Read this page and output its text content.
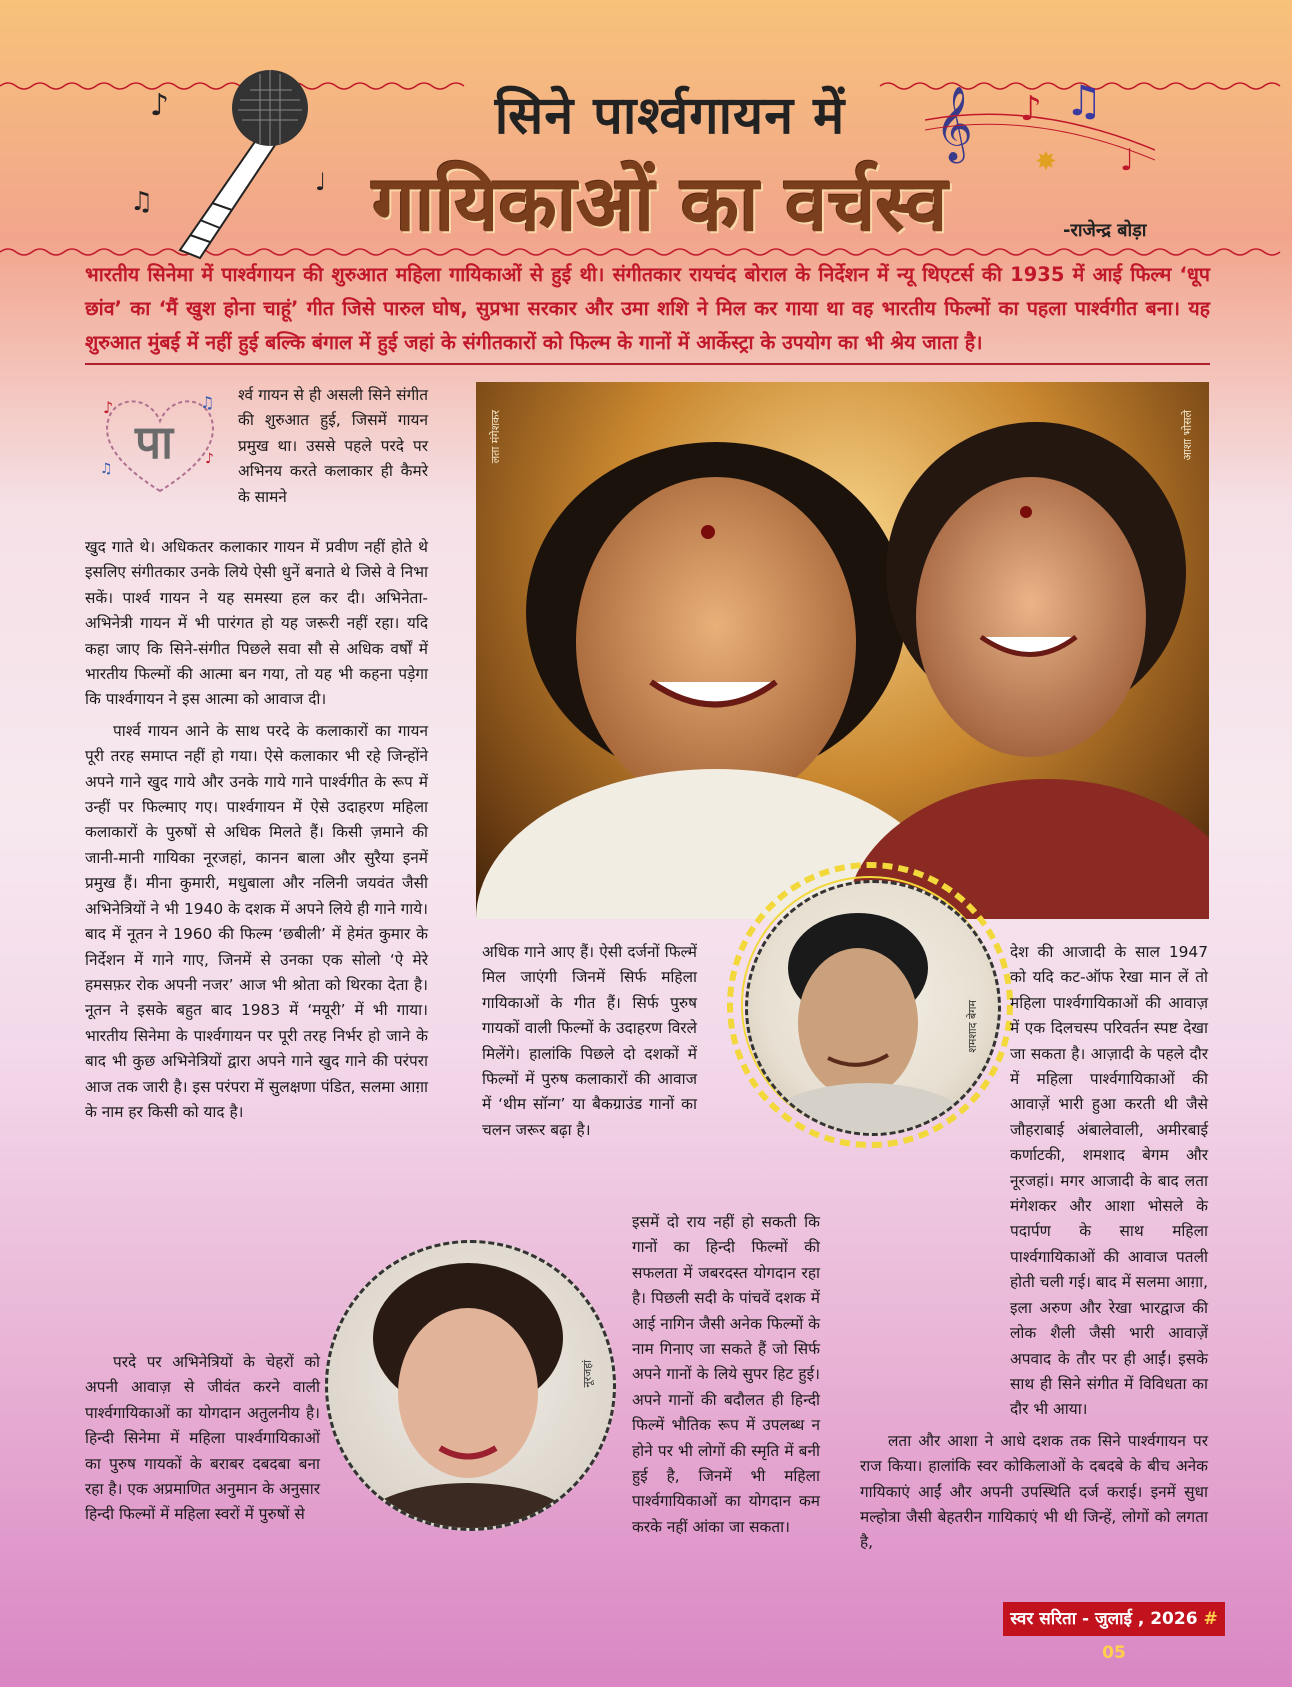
♪
♫
♩
𝄞 ♪ ♫
♩
✸
सिने पार्श्वगायन में
गायिकाओं का वर्चस्व	-राजेन्द्र बोड़ा
भारतीय सिनेमा में पार्श्वगायन की शुरुआत महिला गायिकाओं से हुई थी। संगीतकार रायचंद बोराल के निर्देशन में न्यू थिएटर्स की 1935 में आई फिल्म ‘धूप छांव’ का ‘मैं खुश होना चाहूं’ गीत जिसे पारुल घोष, सुप्रभा सरकार और उमा शशि ने मिल कर गाया था वह भारतीय फिल्मों का पहला पार्श्वगीत बना। यह शुरुआत मुंबई में नहीं हुई बल्कि बंगाल में हुई जहां के संगीतकारों को फिल्म के गानों में आर्केस्ट्रा के उपयोग का भी श्रेय जाता है।
♪	♫
♪
♫ पा

र्श्व गायन से ही असली सिने संगीत की शुरुआत हुई, जिसमें गायन प्रमुख था। उससे पहले परदे पर अभिनय करते कलाकार ही कैमरे के सामने

खुद गाते थे। अधिकतर कलाकार गायन में प्रवीण नहीं होते थे इसलिए संगीतकार उनके लिये ऐसी धुनें बनाते थे जिसे वे निभा सकें। पार्श्व गायन ने यह समस्या हल कर दी। अभिनेता-अभिनेत्री गायन में भी पारंगत हो यह जरूरी नहीं रहा। यदि कहा जाए कि सिने-संगीत पिछले सवा सौ से अधिक वर्षों में भारतीय फिल्मों की आत्मा बन गया, तो यह भी कहना पड़ेगा कि पार्श्वगायन ने इस आत्मा को आवाज दी।

पार्श्व गायन आने के साथ परदे के कलाकारों का गायन पूरी तरह समाप्त नहीं हो गया। ऐसे कलाकार भी रहे जिन्होंने अपने गाने खुद गाये और उनके गाये गाने पार्श्वगीत के रूप में उन्हीं पर फिल्माए गए। पार्श्वगायन में ऐसे उदाहरण महिला कलाकारों के पुरुषों से अधिक मिलते हैं। किसी ज़माने की जानी-मानी गायिका नूरजहां, कानन बाला और सुरैया इनमें प्रमुख हैं। मीना कुमारी, मधुबाला और नलिनी जयवंत जैसी अभिनेत्रियों ने भी 1940 के दशक में अपने लिये ही गाने गाये। बाद में नूतन ने 1960 की फिल्म ‘छबीली’ में हेमंत कुमार के निर्देशन में गाने गाए, जिनमें से उनका एक सोलो ‘ऐ मेरे हमसफ़र रोक अपनी नजर’ आज भी श्रोता को थिरका देता है। नूतन ने इसके बहुत बाद 1983 में ‘मयूरी’ में भी गाया। भारतीय सिनेमा के पार्श्वगायन पर पूरी तरह निर्भर हो जाने के बाद भी कुछ अभिनेत्रियों द्वारा अपने गाने खुद गाने की परंपरा आज तक जारी है। इस परंपरा में सुलक्षणा पंडित, सलमा आग़ा के नाम हर किसी को याद है।

परदे पर अभिनेत्रियों के चेहरों को अपनी आवाज़ से जीवंत करने वाली पार्श्वगायिकाओं का योगदान अतुलनीय है। हिन्दी सिनेमा में महिला पार्श्वगायिकाओं का पुरुष गायकों के बराबर दबदबा बना रहा है। एक अप्रमाणित अनुमान के अनुसार हिन्दी फिल्मों में महिला स्वरों में पुरुषों से

लता मंगेशकर	आशा भोसले
शमशाद बेगम

अधिक गाने आए हैं। ऐसी दर्जनों फिल्में मिल जाएंगी जिनमें सिर्फ महिला गायिकाओं के गीत हैं। सिर्फ पुरुष गायकों वाली फिल्मों के उदाहरण विरले मिलेंगे। हालांकि पिछले दो दशकों में फिल्मों में पुरुष कलाकारों की आवाज में ‘थीम सॉन्ग’ या बैकग्राउंड गानों का चलन जरूर बढ़ा है।

इसमें दो राय नहीं हो सकती कि गानों का हिन्दी फिल्मों की सफलता में जबरदस्त योगदान रहा है। पिछली सदी के पांचवें दशक में आई नागिन जैसी अनेक फिल्मों के नाम गिनाए जा सकते हैं जो सिर्फ अपने गानों के लिये सुपर हिट हुई। अपने गानों की बदौलत ही हिन्दी फिल्में भौतिक रूप में उपलब्ध न होने पर भी लोगों की स्मृति में बनी हुई है, जिनमें भी महिला पार्श्वगायिकाओं का योगदान कम करके नहीं आंका जा सकता।

नूरजहां

देश की आजादी के साल 1947 को यदि कट-ऑफ रेखा मान लें तो महिला पार्श्वगायिकाओं की आवाज़ में एक दिलचस्प परिवर्तन स्पष्ट देखा जा सकता है। आज़ादी के पहले दौर में महिला पार्श्वगायिकाओं की आवाज़ें भारी हुआ करती थी जैसे जौहराबाई अंबालेवाली, अमीरबाई कर्णाटकी, शमशाद बेगम और नूरजहां। मगर आजादी के बाद लता मंगेशकर और आशा भोसले के पदार्पण के साथ महिला पार्श्वगायिकाओं की आवाज पतली होती चली गई। बाद में सलमा आग़ा, इला अरुण और रेखा भारद्वाज की लोक शैली जैसी भारी आवाज़ें अपवाद के तौर पर ही आईं। इसके साथ ही सिने संगीत में विविधता का दौर भी आया।

लता और आशा ने आधे दशक तक सिने पार्श्वगायन पर राज किया। हालांकि स्वर कोकिलाओं के दबदबे के बीच अनेक गायिकाएं आईं और अपनी उपस्थिति दर्ज कराई। इनमें सुधा मल्होत्रा जैसी बेहतरीन गायिकाएं भी थी जिन्हें, लोगों को लगता है,

स्वर सरिता - जुलाई , 2026 # 05
